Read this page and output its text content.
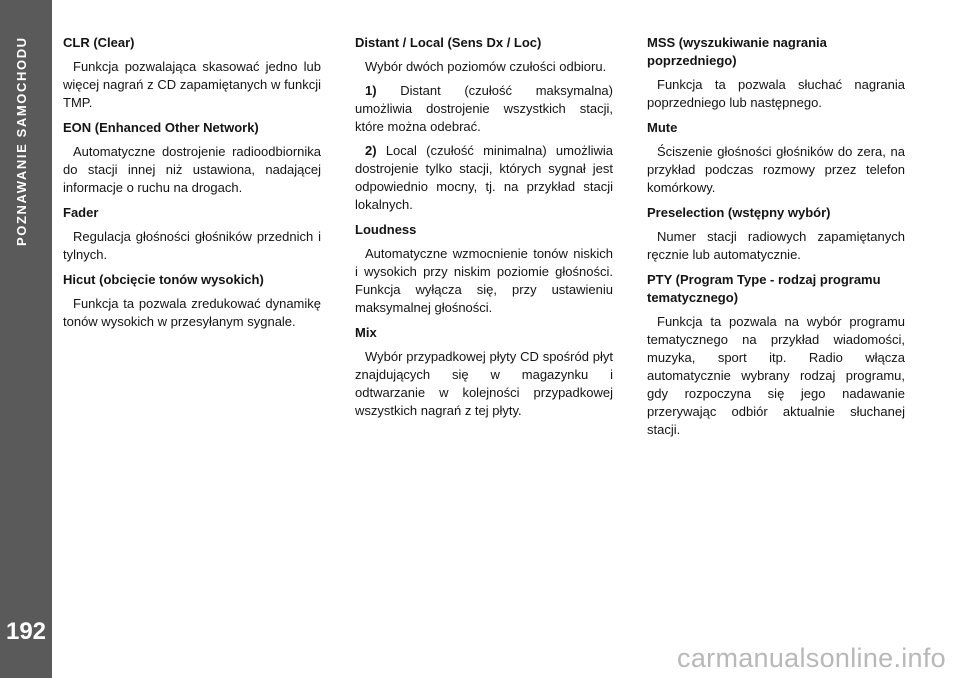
POZNAWANIE SAMOCHODU
192
CLR (Clear)

Funkcja pozwalająca skasować jedno lub więcej nagrań z CD zapamiętanych w funkcji TMP.

EON (Enhanced Other Network)

Automatyczne dostrojenie radioodbiornika do stacji innej niż ustawiona, nadającej informacje o ruchu na drogach.

Fader

Regulacja głośności głośników przednich i tylnych.

Hicut (obcięcie tonów wysokich)

Funkcja ta pozwala zredukować dynamikę tonów wysokich w przesyłanym sygnale.

Distant / Local (Sens Dx / Loc)

Wybór dwóch poziomów czułości odbioru.

1) Distant (czułość maksymalna) umożliwia dostrojenie wszystkich stacji, które można odebrać.

2) Local (czułość minimalna) umożliwia dostrojenie tylko stacji, których sygnał jest odpowiednio mocny, tj. na przykład stacji lokalnych.

Loudness

Automatyczne wzmocnienie tonów niskich i wysokich przy niskim poziomie głośności. Funkcja wyłącza się, przy ustawieniu maksymalnej głośności.

Mix

Wybór przypadkowej płyty CD spośród płyt znajdujących się w magazynku i odtwarzanie w kolejności przypadkowej wszystkich nagrań z tej płyty.

MSS (wyszukiwanie nagrania poprzedniego)

Funkcja ta pozwala słuchać nagrania poprzedniego lub następnego.

Mute

Ściszenie głośności głośników do zera, na przykład podczas rozmowy przez telefon komórkowy.

Preselection (wstępny wybór)

Numer stacji radiowych zapamiętanych ręcznie lub automatycznie.

PTY (Program Type - rodzaj programu tematycznego)

Funkcja ta pozwala na wybór programu tematycznego na przykład wiadomości, muzyka, sport itp. Radio włącza automatycznie wybrany rodzaj programu, gdy rozpoczyna się jego nadawanie przerywając odbiór aktualnie słuchanej stacji.

carmanualsonline.info
